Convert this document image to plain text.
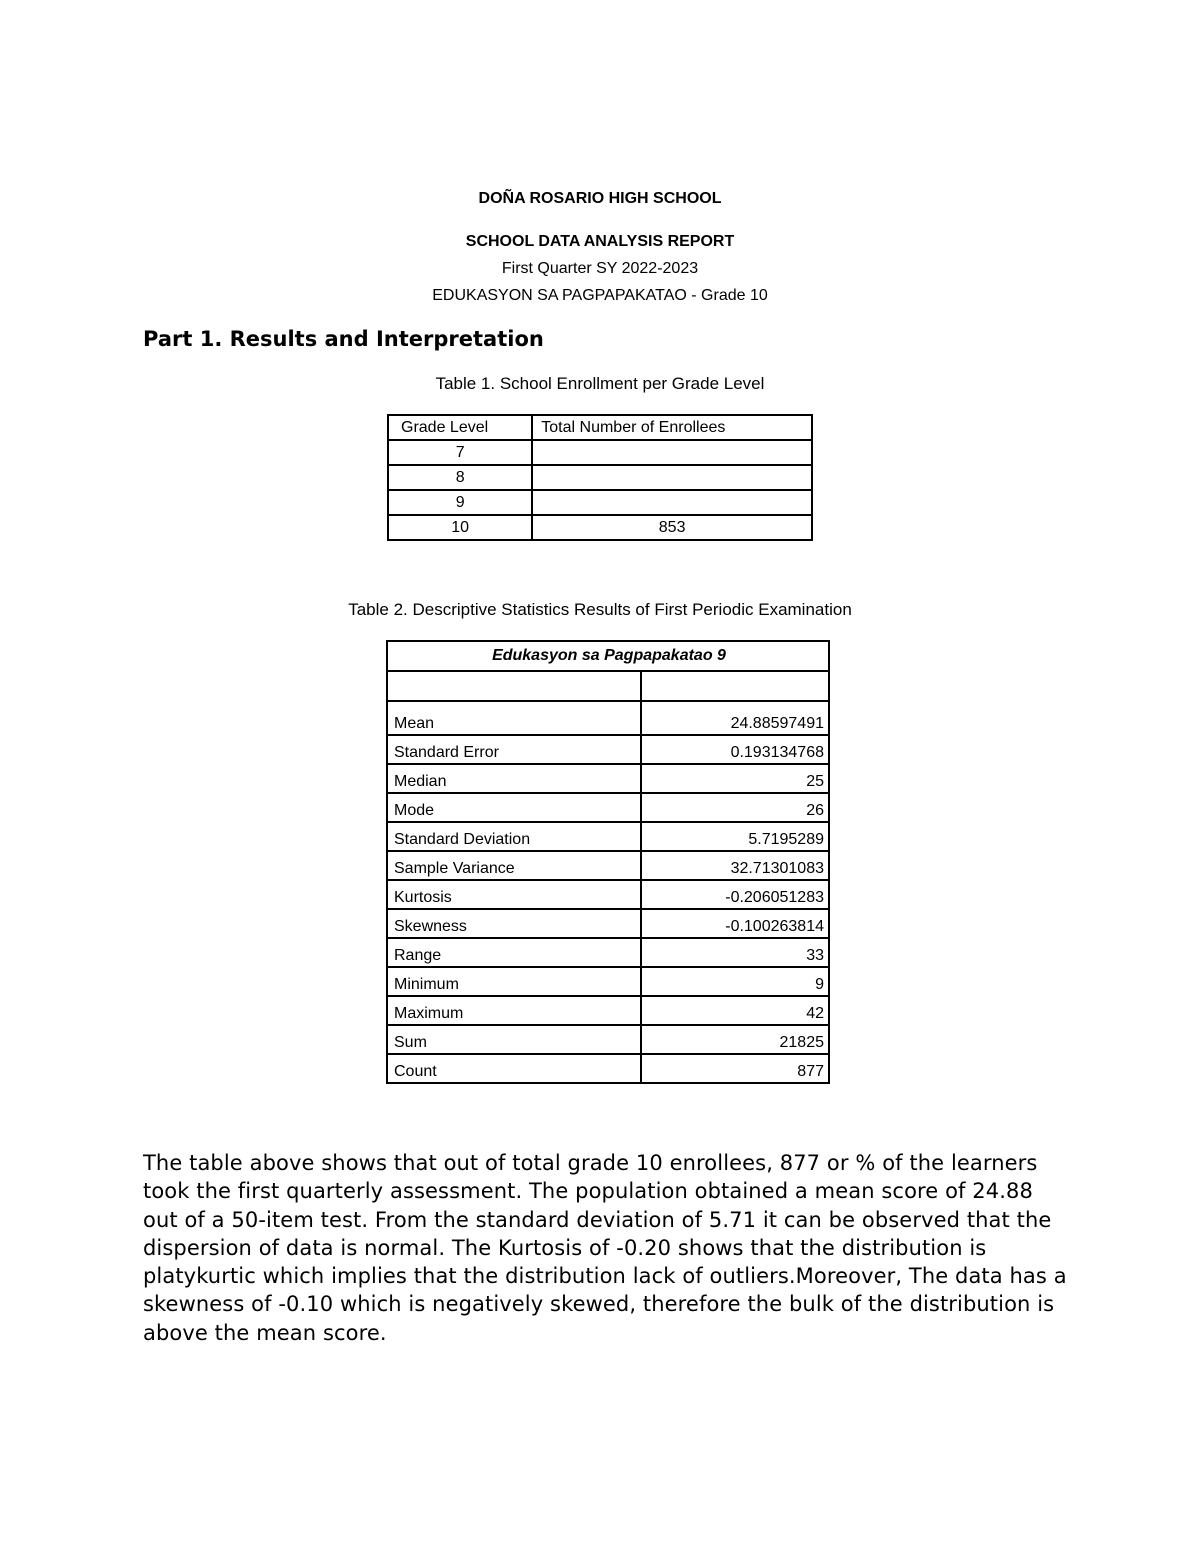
DOÑA ROSARIO HIGH SCHOOL
SCHOOL DATA ANALYSIS REPORT
First Quarter SY 2022-2023
EDUKASYON SA PAGPAPAKATAO - Grade 10
Part 1. Results and Interpretation
Table 1. School Enrollment per Grade Level
Grade Level	Total Number of Enrollees
7	
8	
9	
10	853
Table 2. Descriptive Statistics Results of First Periodic Examination
Edukasyon sa Pagpapakatao 9	

Mean	24.88597491
Standard Error	0.193134768
Median	25
Mode	26
Standard Deviation	5.7195289
Sample Variance	32.71301083
Kurtosis	-0.206051283
Skewness	-0.100263814
Range	33
Minimum	9
Maximum	42
Sum	21825
Count	877
The table above shows that out of total grade 10 enrollees, 877 or % of the learners took the first quarterly assessment. The population obtained a mean score of 24.88 out of a 50-item test. From the standard deviation of 5.71 it can be observed that the dispersion of data is normal. The Kurtosis of -0.20 shows that the distribution is platykurtic which implies that the distribution lack of outliers.Moreover, The data has a skewness of -0.10 which is negatively skewed, therefore the bulk of the distribution is above the mean score.
